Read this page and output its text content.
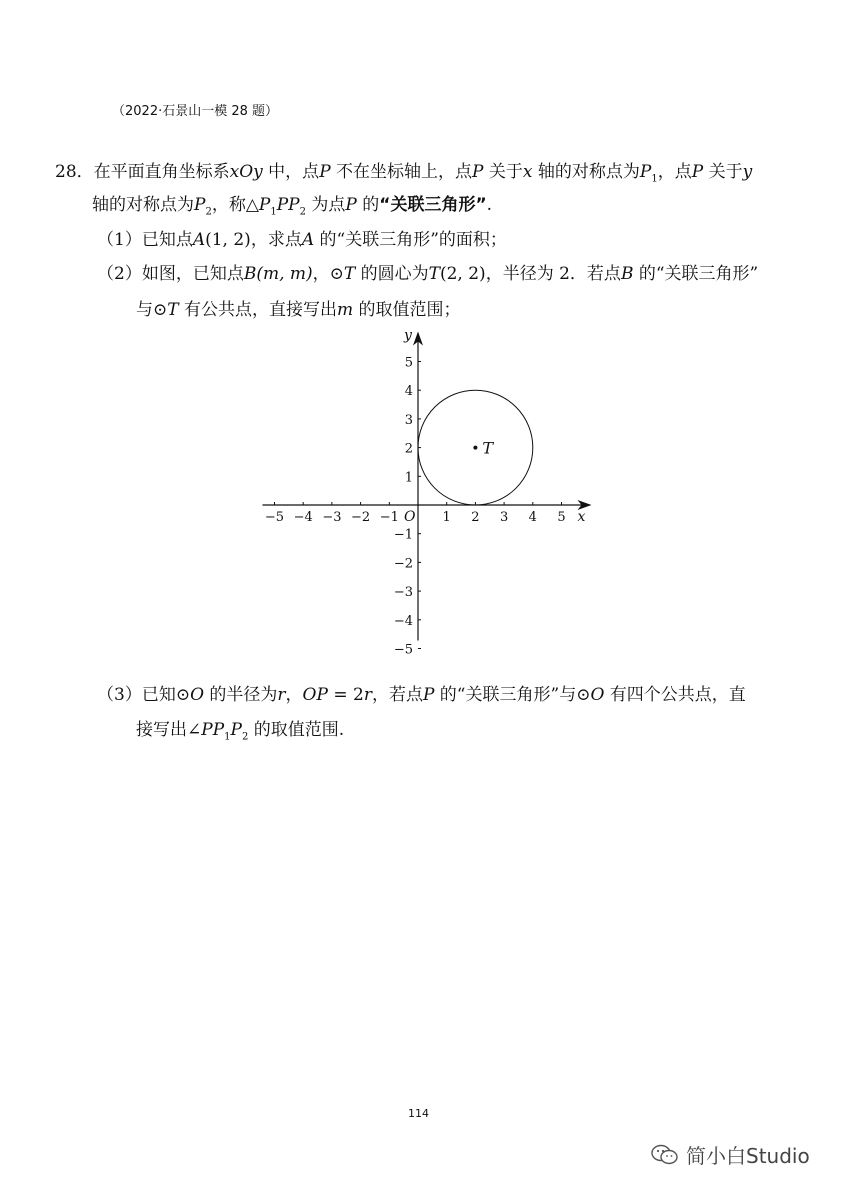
（2022·石景山一模 28 题）
28．在平面直角坐标系xOy 中，点P 不在坐标轴上，点P 关于x 轴的对称点为$P_1$，点P 关于y
轴的对称点为$P_2$，称$\triangle P_1PP_2$ 为点P 的“关联三角形”.
（1）已知点A(1, 2)，求点A 的“关联三角形”的面积；
（2）如图，已知点B(m, m)，⊙T 的圆心为T(2, 2)，半径为 2．若点B 的“关联三角形”
与⊙T 有公共点，直接写出m 的取值范围；
T
x
y
O
−5 −4 −3 −2 −1	1 2 3 4 5
−5
−4
−3
−2
−1
1
2
3
4
5
（3）已知⊙O 的半径为r，OP = 2r，若点P 的“关联三角形”与⊙O 有四个公共点，直
接写出$\angle PP_1P_2$ 的取值范围.
114
简小白Studio
